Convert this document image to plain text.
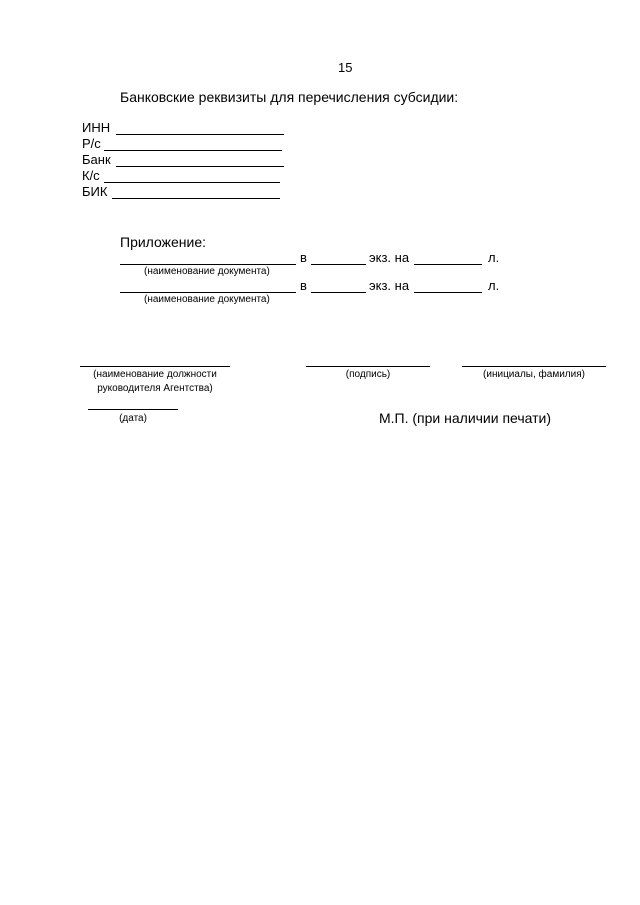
15
Банковские реквизиты для перечисления субсидии:
ИНН
Р/с
Банк
К/с
БИК
Приложение:
в	экз. на	л.
(наименование документа)
в	экз. на	л.
(наименование документа)
(наименование должности
руководителя Агентства)
(подпись)	(инициалы, фамилия)
(дата)	М.П. (при наличии печати)
